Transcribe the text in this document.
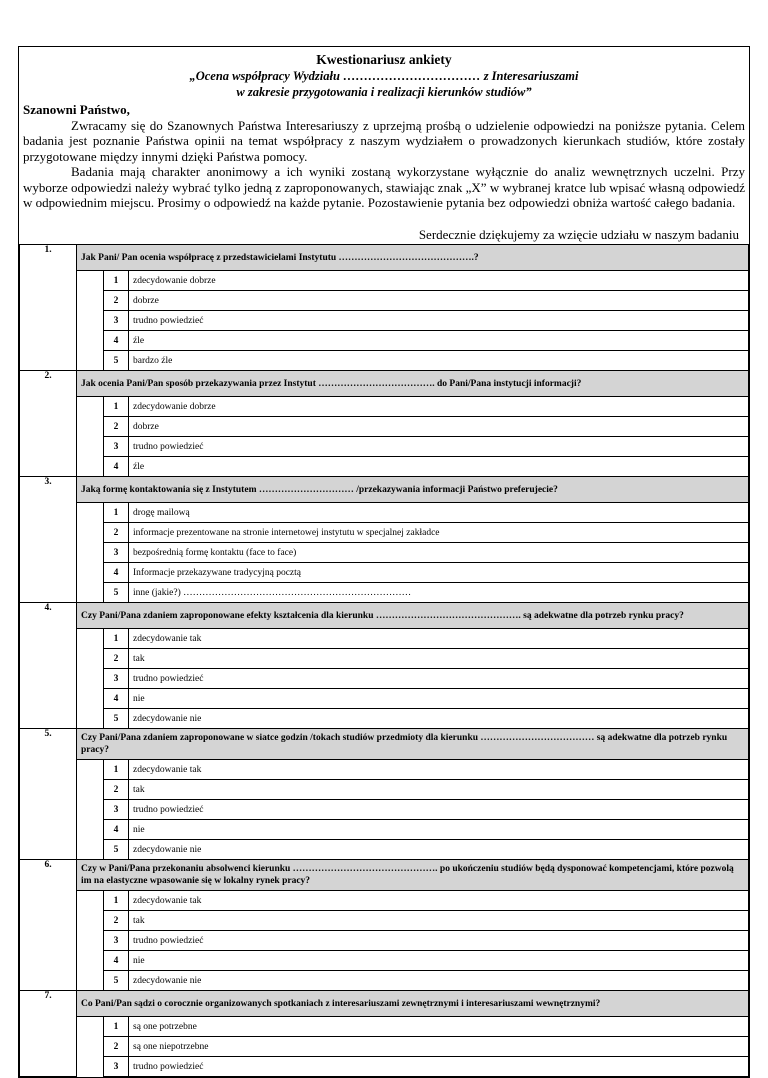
Kwestionariusz ankiety
„Ocena współpracy Wydziału …………………………… z Interesariuszami
w zakresie przygotowania i realizacji kierunków studiów”
Szanowni Państwo,

Zwracamy się do Szanownych Państwa Interesariuszy z uprzejmą prośbą o udzielenie odpowiedzi na poniższe pytania. Celem badania jest poznanie Państwa opinii na temat współpracy z naszym wydziałem o prowadzonych kierunkach studiów, które zostały przygotowane między innymi dzięki Państwa pomocy.

Badania mają charakter anonimowy a ich wyniki zostaną wykorzystane wyłącznie do analiz wewnętrznych uczelni. Przy wyborze odpowiedzi należy wybrać tylko jedną z zaproponowanych, stawiając znak „X” w wybranej kratce lub wpisać własną odpowiedź w odpowiednim miejscu. Prosimy o odpowiedź na każde pytanie. Pozostawienie pytania bez odpowiedzi obniża wartość całego badania.

Serdecznie dziękujemy za wzięcie udziału w naszym badaniu
1.	Jak Pani/ Pan ocenia współpracę z przedstawicielami Instytutu …………………………………….?		
		1	zdecydowanie dobrze
		2	dobrze
		3	trudno powiedzieć
		4	źle
		5	bardzo źle
2.	Jak ocenia Pani/Pan sposób przekazywania przez Instytut ………………………………. do Pani/Pana instytucji informacji?		
		1	zdecydowanie dobrze
		2	dobrze
		3	trudno powiedzieć
		4	źle
3.	Jaką formę kontaktowania się z Instytutem ………………………… /przekazywania informacji Państwo preferujecie?		
		1	drogę mailową
		2	informacje prezentowane na stronie internetowej instytutu w specjalnej zakładce
		3	bezpośrednią formę kontaktu (face to face)
		4	Informacje przekazywane tradycyjną pocztą
		5	inne (jakie?) ………………………………………………………………
4.	Czy Pani/Pana zdaniem zaproponowane efekty kształcenia dla kierunku ………………………………………. są adekwatne dla potrzeb rynku pracy?		
		1	zdecydowanie tak
		2	tak
		3	trudno powiedzieć
		4	nie
		5	zdecydowanie nie
5.	Czy Pani/Pana zdaniem zaproponowane w siatce godzin /tokach studiów przedmioty dla kierunku ……………………………… są adekwatne dla potrzeb rynku pracy?		
		1	zdecydowanie tak
		2	tak
		3	trudno powiedzieć
		4	nie
		5	zdecydowanie nie
6.	Czy w Pani/Pana przekonaniu absolwenci kierunku ………………………………………. po ukończeniu studiów będą dysponować kompetencjami, które pozwolą im na elastyczne wpasowanie się w lokalny rynek pracy?		
		1	zdecydowanie tak
		2	tak
		3	trudno powiedzieć
		4	nie
		5	zdecydowanie nie
7.	Co Pani/Pan sądzi o corocznie organizowanych spotkaniach z interesariuszami zewnętrznymi i interesariuszami wewnętrznymi?		
		1	są one potrzebne
		2	są one niepotrzebne
		3	trudno powiedzieć
